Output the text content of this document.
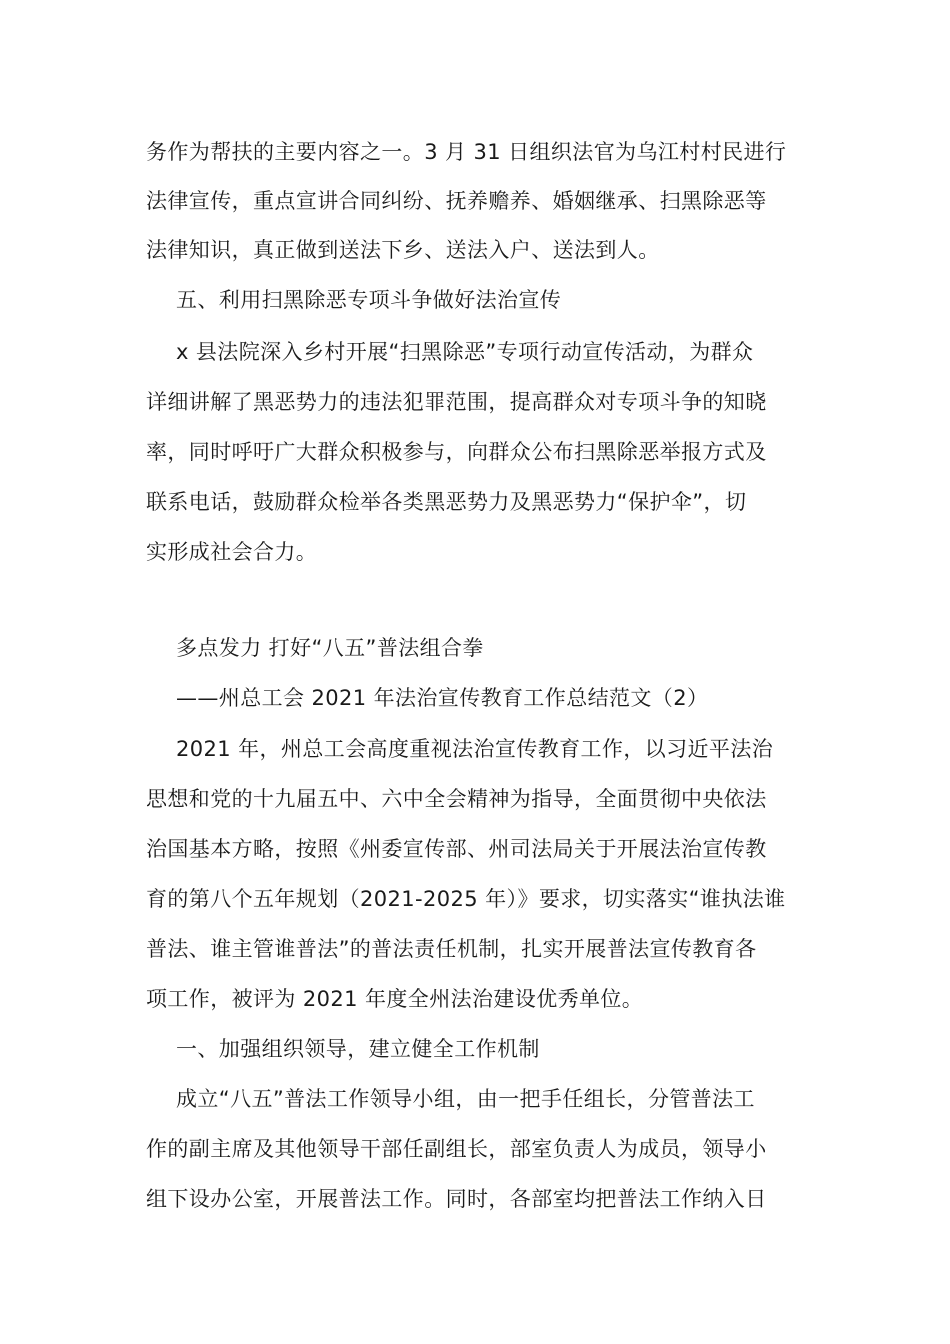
务作为帮扶的主要内容之一。3 月 31 日组织法官为乌江村村民进行
法律宣传，重点宣讲合同纠纷、抚养赡养、婚姻继承、扫黑除恶等
法律知识，真正做到送法下乡、送法入户、送法到人。
五、利用扫黑除恶专项斗争做好法治宣传
x 县法院深入乡村开展“扫黑除恶”专项行动宣传活动，为群众
详细讲解了黑恶势力的违法犯罪范围，提高群众对专项斗争的知晓
率，同时呼吁广大群众积极参与，向群众公布扫黑除恶举报方式及
联系电话，鼓励群众检举各类黑恶势力及黑恶势力“保护伞”，切
实形成社会合力。
多点发力 打好“八五”普法组合拳
——州总工会 2021 年法治宣传教育工作总结范文（2）
2021 年，州总工会高度重视法治宣传教育工作，以习近平法治
思想和党的十九届五中、六中全会精神为指导，全面贯彻中央依法
治国基本方略，按照《州委宣传部、州司法局关于开展法治宣传教
育的第八个五年规划（2021-2025 年）》要求，切实落实“谁执法谁
普法、谁主管谁普法”的普法责任机制，扎实开展普法宣传教育各
项工作，被评为 2021 年度全州法治建设优秀单位。
一、加强组织领导，建立健全工作机制
成立“八五”普法工作领导小组，由一把手任组长，分管普法工
作的副主席及其他领导干部任副组长，部室负责人为成员，领导小
组下设办公室，开展普法工作。同时，各部室均把普法工作纳入日
